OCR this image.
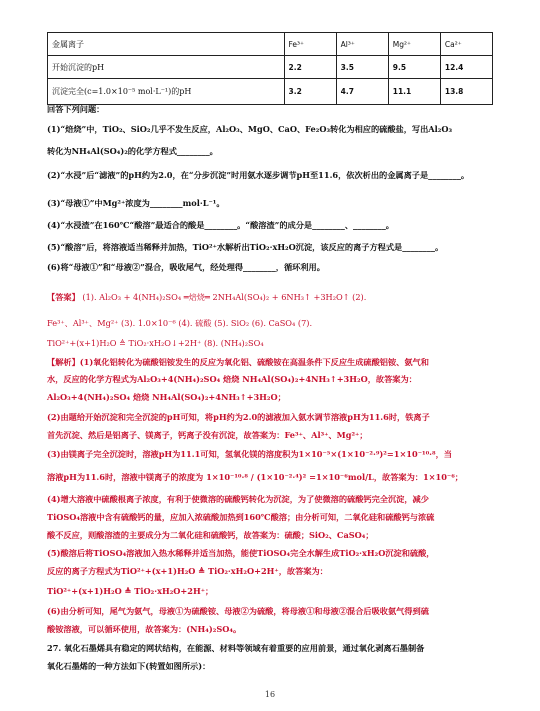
金属离子	Fe³⁺	Al³⁺	Mg²⁺	Ca²⁺
开始沉淀的pH	2.2	3.5	9.5	12.4
沉淀完全(c=1.0×10⁻⁵ mol·L⁻¹)的pH	3.2	4.7	11.1	13.8
回答下列问题：
(1)“焙烧”中，TiO₂、SiO₂几乎不发生反应，Al₂O₃、MgO、CaO、Fe₂O₃转化为相应的硫酸盐，写出Al₂O₃
转化为NH₄Al(SO₄)₂的化学方程式________。
(2)“水浸”后“滤液”的pH约为2.0，在“分步沉淀”时用氨水逐步调节pH至11.6，依次析出的金属离子是________。
(3)“母液①”中Mg²⁺浓度为________mol·L⁻¹。
(4)“水浸渣”在160℃“酸溶”最适合的酸是________。“酸溶渣”的成分是________、________。
(5)“酸溶”后，将溶液适当稀释并加热，TiO²⁺水解析出TiO₂·xH₂O沉淀，该反应的离子方程式是________。
(6)将“母液①”和“母液②”混合，吸收尾气，经处理得________，循环利用。
【答案】 (1). Al₂O₃ + 4(NH₄)₂SO₄ ═焙烧═ 2NH₄Al(SO₄)₂ + 6NH₃↑ +3H₂O↑ (2).
Fe³⁺、Al³⁺、Mg²⁺ (3). 1.0×10⁻⁶ (4). 硫酸 (5). SiO₂ (6). CaSO₄ (7).
TiO²⁺+(x+1)H₂O ≜ TiO₂·xH₂O↓+2H⁺ (8). (NH₄)₂SO₄
【解析】(1)氧化铝转化为硫酸铝铵发生的反应为氧化铝、硫酸铵在高温条件下反应生成硫酸铝铵、氨气和
水，反应的化学方程式为Al₂O₃+4(NH₄)₂SO₄ 焙烧 NH₄Al(SO₄)₂+4NH₃↑+3H₂O，故答案为：
Al₂O₃+4(NH₄)₂SO₄ 焙烧 NH₄Al(SO₄)₂+4NH₃↑+3H₂O；
(2)由题给开始沉淀和完全沉淀的pH可知，将pH约为2.0的滤液加入氨水调节溶液pH为11.6时，铁离子
首先沉淀、然后是铝离子、镁离子，钙离子没有沉淀，故答案为：Fe³⁺、Al³⁺、Mg²⁺；
(3)由镁离子完全沉淀时，溶液pH为11.1可知，氢氧化镁的溶度积为1×10⁻⁵×(1×10⁻²·⁹)²=1×10⁻¹⁰·⁸，当
溶液pH为11.6时，溶液中镁离子的浓度为 1×10⁻¹⁰·⁸ / (1×10⁻²·⁴)² =1×10⁻⁶mol/L，故答案为：1×10⁻⁶；
(4)增大溶液中硫酸根离子浓度，有利于使微溶的硫酸钙转化为沉淀，为了使微溶的硫酸钙完全沉淀，减少
TiOSO₄溶液中含有硫酸钙的量，应加入浓硫酸加热到160℃酸溶；由分析可知，二氧化硅和硫酸钙与浓硫
酸不反应，则酸溶渣的主要成分为二氧化硅和硫酸钙，故答案为：硫酸；SiO₂、CaSO₄；
(5)酸溶后将TiOSO₄溶液加入热水稀释并适当加热，能使TiOSO₄完全水解生成TiO₂·xH₂O沉淀和硫酸，
反应的离子方程式为TiO²⁺+(x+1)H₂O ≜ TiO₂·xH₂O+2H⁺，故答案为：
TiO²⁺+(x+1)H₂O ≜ TiO₂·xH₂O+2H⁺；
(6)由分析可知，尾气为氨气，母液①为硫酸铵、母液②为硫酸，将母液①和母液②混合后吸收氨气得到硫
酸铵溶液，可以循环使用，故答案为：(NH₄)₂SO₄。
27. 氧化石墨烯具有稳定的网状结构，在能源、材料等领域有着重要的应用前景，通过氧化剥离石墨制备
氧化石墨烯的一种方法如下(转置如图所示)：
16
